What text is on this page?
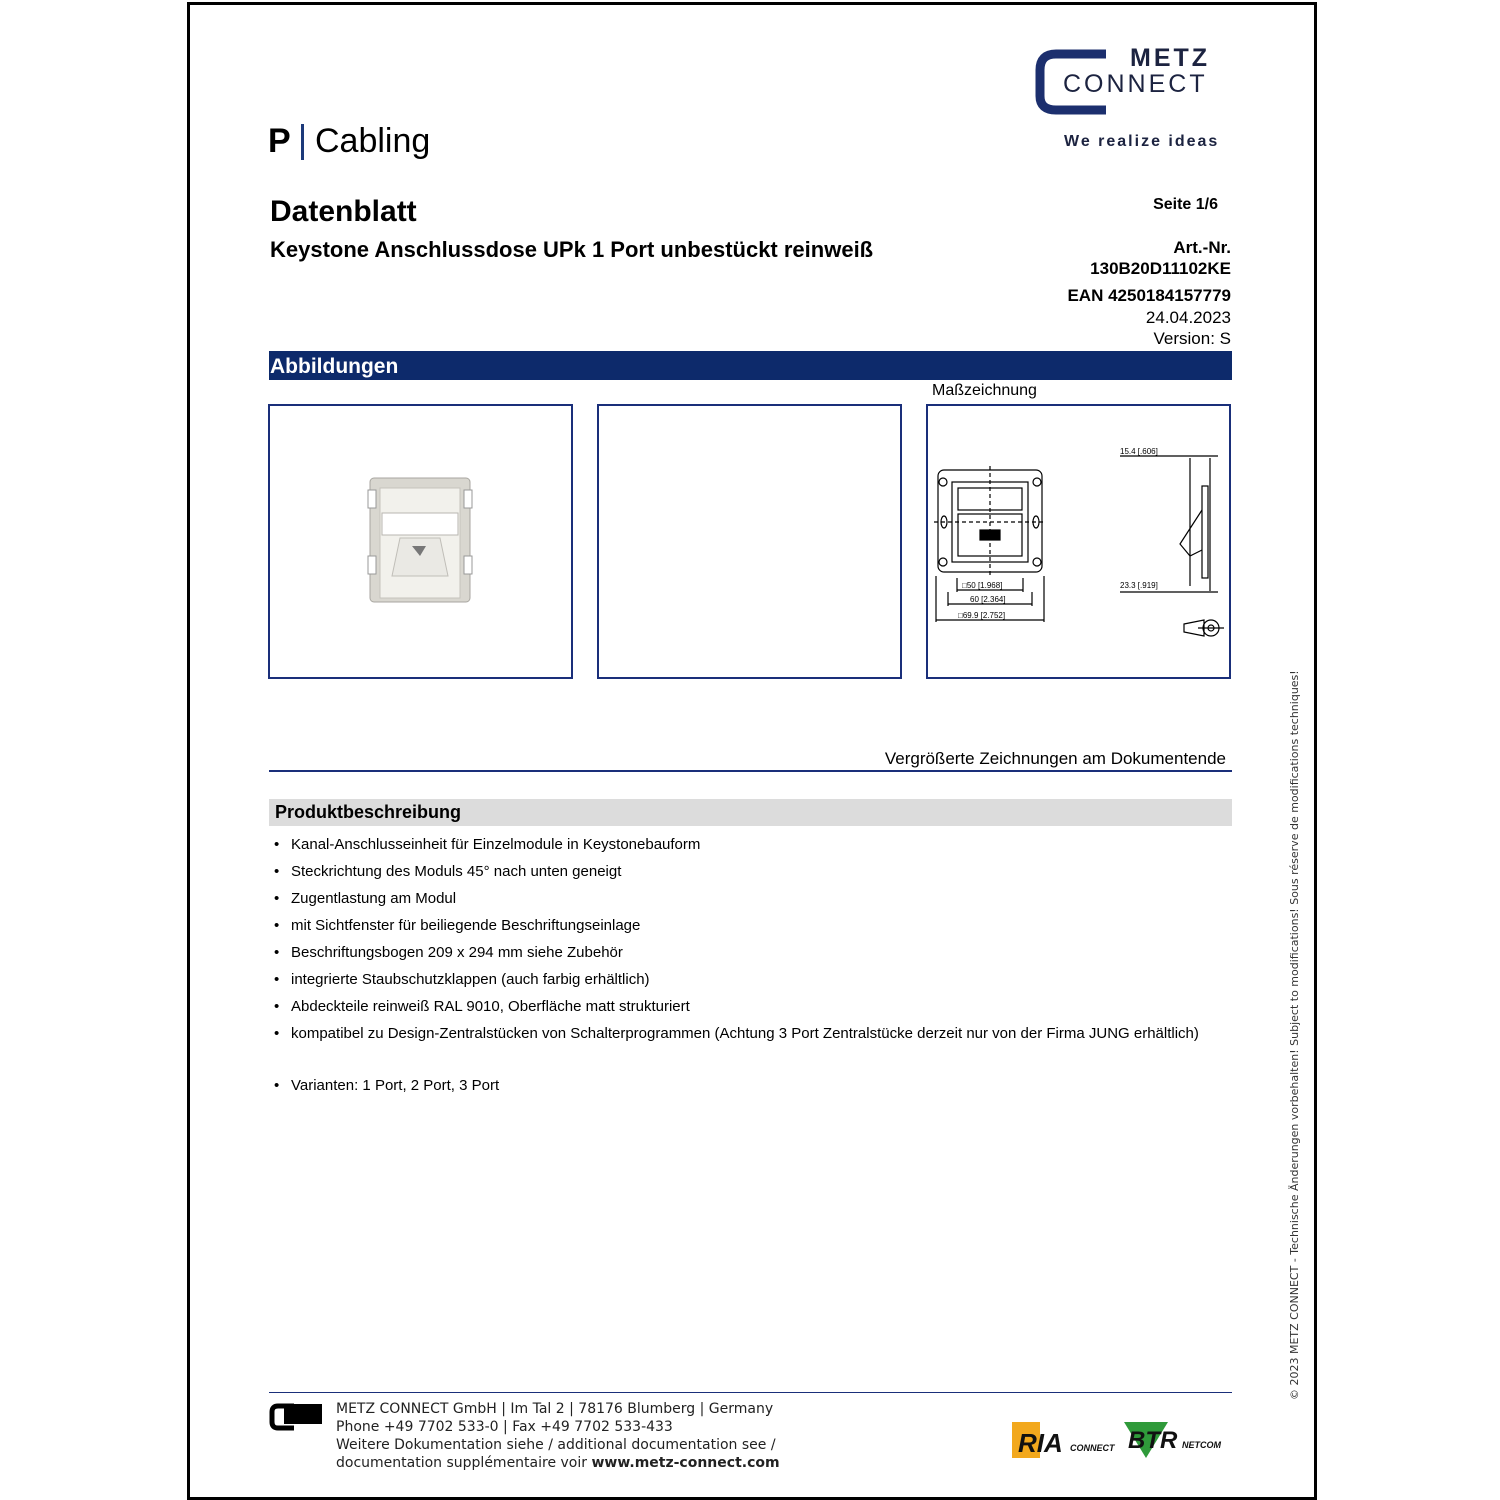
METZ
CONNECT
We realize ideas
P Cabling
Datenblatt
Keystone Anschlussdose UPk 1 Port unbestückt reinweiß
Seite 1/6
Art.-Nr.
130B20D11102KE
EAN 4250184157779
24.04.2023
Version: S
Abbildungen
Maßzeichnung
15.4 [.606]
□50 [1.968]
60 [2.364]
□69.9 [2.752]
23.3 [.919]
Vergrößerte Zeichnungen am Dokumentende
Produktbeschreibung
• Kanal-Anschlusseinheit für Einzelmodule in Keystonebauform
• Steckrichtung des Moduls 45° nach unten geneigt
• Zugentlastung am Modul
• mit Sichtfenster für beiliegende Beschriftungseinlage
• Beschriftungsbogen 209 x 294 mm siehe Zubehör
• integrierte Staubschutzklappen (auch farbig erhältlich)
• Abdeckteile reinweiß RAL 9010, Oberfläche matt strukturiert
• kompatibel zu Design-Zentralstücken von Schalterprogrammen (Achtung 3 Port Zentralstücke derzeit nur von der Firma JUNG erhältlich)
• Varianten: 1 Port, 2 Port, 3 Port
METZ CONNECT GmbH | Im Tal 2 | 78176 Blumberg | Germany
Phone +49 7702 533-0 | Fax +49 7702 533-433
Weitere Dokumentation siehe / additional documentation see /
documentation supplémentaire voir www.metz-connect.com
RIA CONNECT BTR NETCOM
© 2023 METZ CONNECT - Technische Änderungen vorbehalten! Subject to modifications! Sous réserve de modifications techniques!
